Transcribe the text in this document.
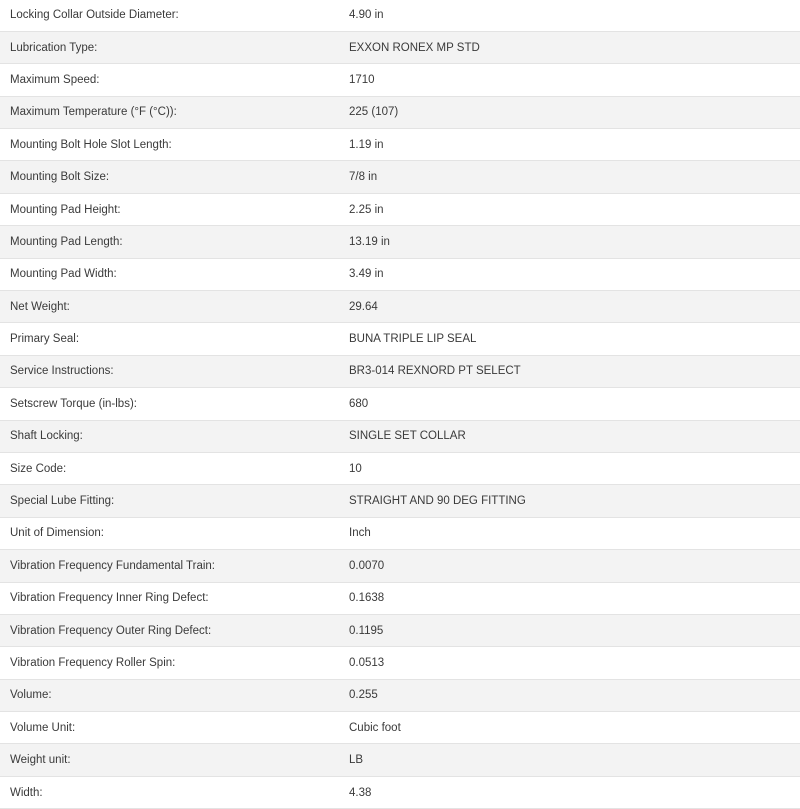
Locking Collar Outside Diameter:	4.90 in
Lubrication Type:	EXXON RONEX MP STD
Maximum Speed:	1710
Maximum Temperature (°F (°C)):	225 (107)
Mounting Bolt Hole Slot Length:	1.19 in
Mounting Bolt Size:	7/8 in
Mounting Pad Height:	2.25 in
Mounting Pad Length:	13.19 in
Mounting Pad Width:	3.49 in
Net Weight:	29.64
Primary Seal:	BUNA TRIPLE LIP SEAL
Service Instructions:	BR3-014 REXNORD PT SELECT
Setscrew Torque (in-lbs):	680
Shaft Locking:	SINGLE SET COLLAR
Size Code:	10
Special Lube Fitting:	STRAIGHT AND 90 DEG FITTING
Unit of Dimension:	Inch
Vibration Frequency Fundamental Train:	0.0070
Vibration Frequency Inner Ring Defect:	0.1638
Vibration Frequency Outer Ring Defect:	0.1195
Vibration Frequency Roller Spin:	0.0513
Volume:	0.255
Volume Unit:	Cubic foot
Weight unit:	LB
Width:	4.38
